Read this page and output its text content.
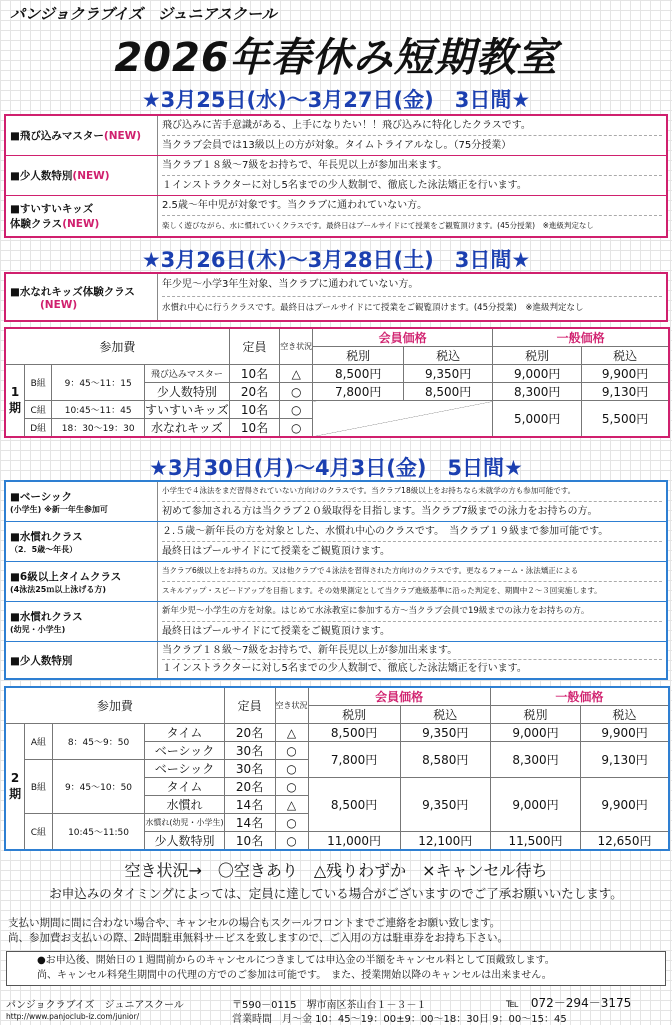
パンジョクラブイズ　ジュニアスクール
2026年春休み短期教室
★3月25日(水)～3月27日(金)　3日間★
■飛び込みマスター(NEW)
飛び込みに苦手意識がある、上手になりたい！！飛び込みに特化したクラスです。
当クラブ会員では13級以上の方が対象。タイムトライアルなし。（75分授業）
■少人数特別(NEW)
当クラブ１８級～7級をお持ちで、年長児以上が参加出来ます。
１インストラクターに対し5名までの少人数制で、徹底した泳法矯正を行います。
■すいすいキッズ
体験クラス(NEW)
2.5歳～年中児が対象です。当クラブに通われていない方。
楽しく遊びながら、水に慣れていくクラスです。最終日はプールサイドにて授業をご観覧頂けます。(45分授業)　※進級判定なし
★3月26日(木)～3月28日(土)　3日間★
■水なれキッズ体験クラス
(NEW)
年少児～小学3年生対象、当クラブに通われていない方。
水慣れ中心に行うクラスです。最終日はプールサイドにて授業をご観覧頂けます。(45分授業)　※進級判定なし
参加費				定員	空き状況	会員価格		一般価格	
						税別	税込	税別	税込
1期	B組	9：45～11：15	飛び込みマスター	10名	△	8,500円	9,350円	9,000円	9,900円
			少人数特別	20名	○	7,800円	8,500円	8,300円	9,130円
	C組	10:45～11：45	すいすいキッズ	10名	○			5,000円	5,500円
	D組	18：30～19：30	水なれキッズ	10名	○				
★3月30日(月)～4月3日(金)　5日間★
■ベーシック
(小学生) ※新一年生参加可
小学生で４泳法をまだ習得されていない方向けのクラスです。当クラブ18級以上をお持ちなら未就学の方も参加可能です。
初めて参加される方は当クラブ２０級取得を目指します。当クラブ7級までの泳力をお持ちの方。
■水慣れクラス
（2．5歳～年長）
２.５歳～新年長の方を対象とした、水慣れ中心のクラスです。　当クラブ１９級まで参加可能です。
最終日はプールサイドにて授業をご観覧頂けます。
■6級以上タイムクラス
(4泳法25ｍ以上泳げる方)
当クラブ6級以上をお持ちの方。又は他クラブで４泳法を習得された方向けのクラスです。更なるフォーム・泳法矯正による
スキルアップ・スピードアップを目指します。その効果測定として当クラブ進級基準に沿った判定を、期間中２～３回実施します。
■水慣れクラス
(幼児・小学生)
新年少児～小学生の方を対象。はじめて水泳教室に参加する方～当クラブ会員で19級までの泳力をお持ちの方。
最終日はプールサイドにて授業をご観覧頂けます。
■少人数特別
当クラブ１８級～7級をお持ちで、新年長児以上が参加出来ます。
１インストラクターに対し5名までの少人数制で、徹底した泳法矯正を行います。
参加費				定員	空き状況	会員価格		一般価格	
						税別	税込	税別	税込
2期	A組	8：45～9：50	タイム	20名	△	8,500円	9,350円	9,000円	9,900円
			ベーシック	30名	○	7,800円	8,580円	8,300円	9,130円
	B組	9：45～10：50	ベーシック	30名	○				
			タイム	20名	○	8,500円	9,350円	9,000円	9,900円
			水慣れ	14名	△				
	C組	10:45～11:50	水慣れ(幼児・小学生)	14名	○				
			少人数特別	10名	○	11,000円	12,100円	11,500円	12,650円
空き状況→　〇空きあり　△残りわずか　×キャンセル待ち
お申込みのタイミングによっては、定員に達している場合がございますのでご了承お願いいたします。
支払い期間に間に合わない場合や、キャンセルの場合もスクールフロントまでご連絡をお願い致します。
尚、参加費お支払いの際、2時間駐車無料サービスを致しますので、ご入用の方は駐車券をお持ち下さい。
●お申込後、開始日の１週間前からのキャンセルにつきましては申込金の半額をキャンセル料として頂戴致します。
尚、キャンセル料発生期間中の代理の方でのご参加は可能です。　また、授業開始以降のキャンセルは出来ません。
パンジョクラブイズ　ジュニアスクール
http://www.panjoclub-iz.com/junior/
〒590－0115　堺市南区茶山台１－３－１	℡　072－294－3175
営業時間　月～金 10：45～19：00±9：00～18：30日 9：00～15：45
